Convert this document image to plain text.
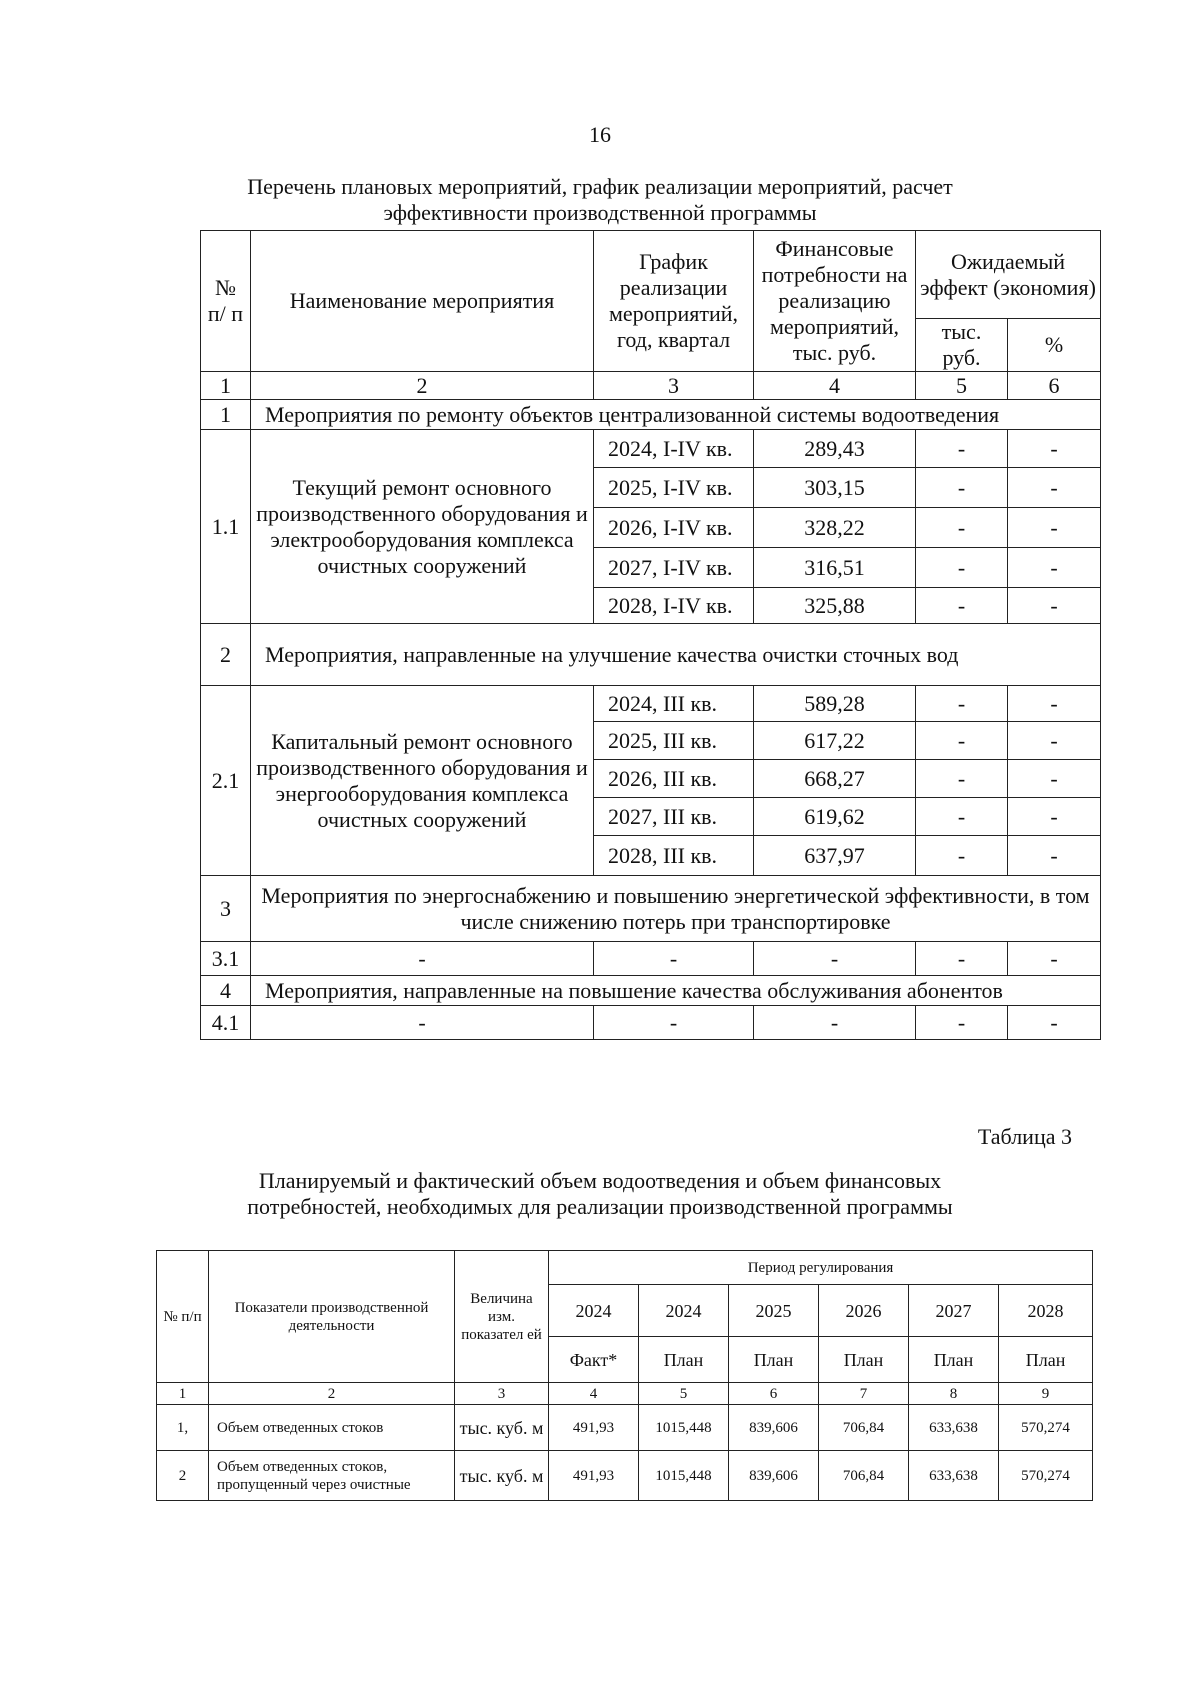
16
Перечень плановых мероприятий, график реализации мероприятий, расчет
эффективности производственной программы
№ п/ п	Наименование мероприятия	График реализации мероприятий, год, квартал	Финансовые потребности на реализацию мероприятий, тыс. руб.	Ожидаемый эффект (экономия)	
				тыс. руб.	%
1	2	3	4	5	6
1	Мероприятия по ремонту объектов централизованной системы водоотведения				
1.1	Текущий ремонт основного производственного оборудования и электрооборудования комплекса очистных сооружений	2024, I-IV кв.	289,43	-	-
		2025, I-IV кв.	303,15	-	-
		2026, I-IV кв.	328,22	-	-
		2027, I-IV кв.	316,51	-	-
		2028, I-IV кв.	325,88	-	-
2	Мероприятия, направленные на улучшение качества очистки сточных вод				
2.1	Капитальный ремонт основного производственного оборудования и энергооборудования комплекса очистных сооружений	2024, III кв.	589,28	-	-
		2025, III кв.	617,22	-	-
		2026, III кв.	668,27	-	-
		2027, III кв.	619,62	-	-
		2028, III кв.	637,97	-	-
3	Мероприятия по энергоснабжению и повышению энергетической эффективности, в том числе снижению потерь при транспортировке				
3.1	-	-	-	-	-
4	Мероприятия, направленные на повышение качества обслуживания абонентов				
4.1	-	-	-	-	-
Таблица 3
Планируемый и фактический объем водоотведения и объем финансовых
потребностей, необходимых для реализации производственной программы
№ п/п	Показатели производственной деятельности	Величина изм. показател ей	Период регулирования					
			2024	2024	2025	2026	2027	2028
			Факт*	План	План	План	План	План
1	2	3	4	5	6	7	8	9
1,	Объем отведенных стоков	тыс. куб. м	491,93	1015,448	839,606	706,84	633,638	570,274
2	Объем отведенных стоков, пропущенный через очистные	тыс. куб. м	491,93	1015,448	839,606	706,84	633,638	570,274
